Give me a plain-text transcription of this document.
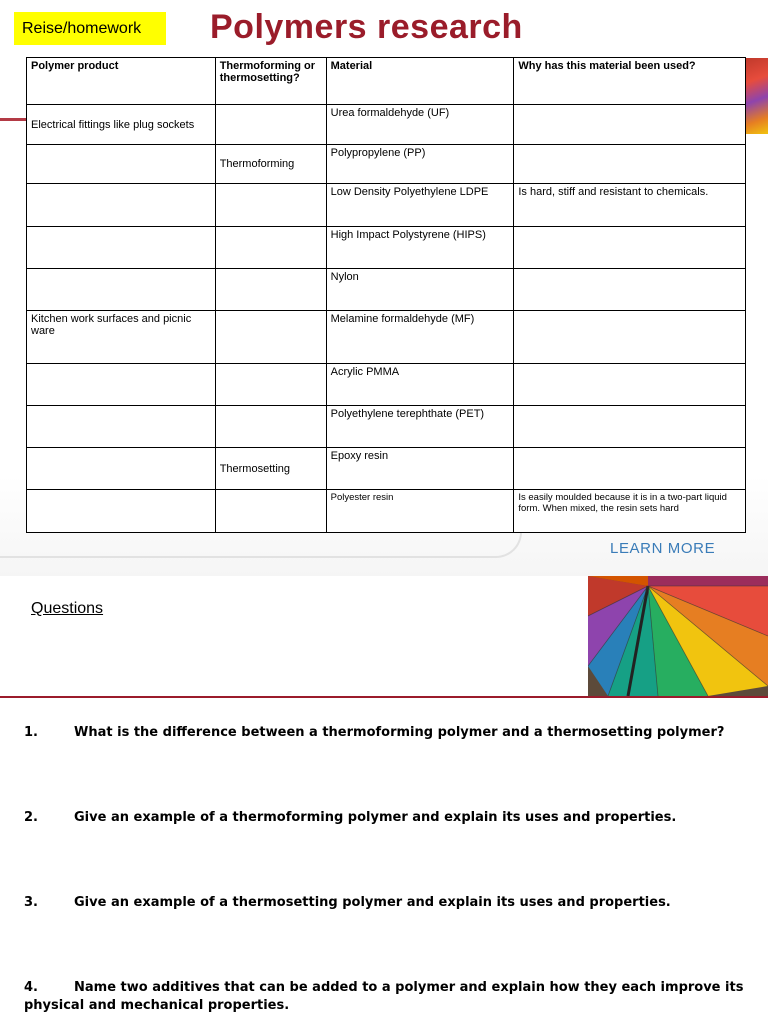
LEARN MORE
Reise/homework	Polymers research
Polymer product	Thermoforming or thermosetting?	Material	Why has this material been used?
Electrical fittings like plug sockets		Urea formaldehyde (UF)	
	Thermoforming	Polypropylene (PP)	
		Low Density Polyethylene LDPE	Is hard, stiff and resistant to chemicals.
		High Impact Polystyrene (HIPS)	
		Nylon	
Kitchen work surfaces and picnic ware		Melamine formaldehyde (MF)	
		Acrylic PMMA	
		Polyethylene terephthate (PET)	
	Thermosetting	Epoxy resin	
		Polyester resin	Is easily moulded because it is in a two-part liquid form. When mixed, the resin sets hard
Questions
1.	What is the difference between a thermoforming polymer and a thermosetting polymer?
2.	Give an example of a thermoforming polymer and explain its uses and properties.
3.	Give an example of a thermosetting polymer and explain its uses and properties.
4.	Name two additives that can be added to a polymer and explain how they each improve its physical and mechanical properties.
